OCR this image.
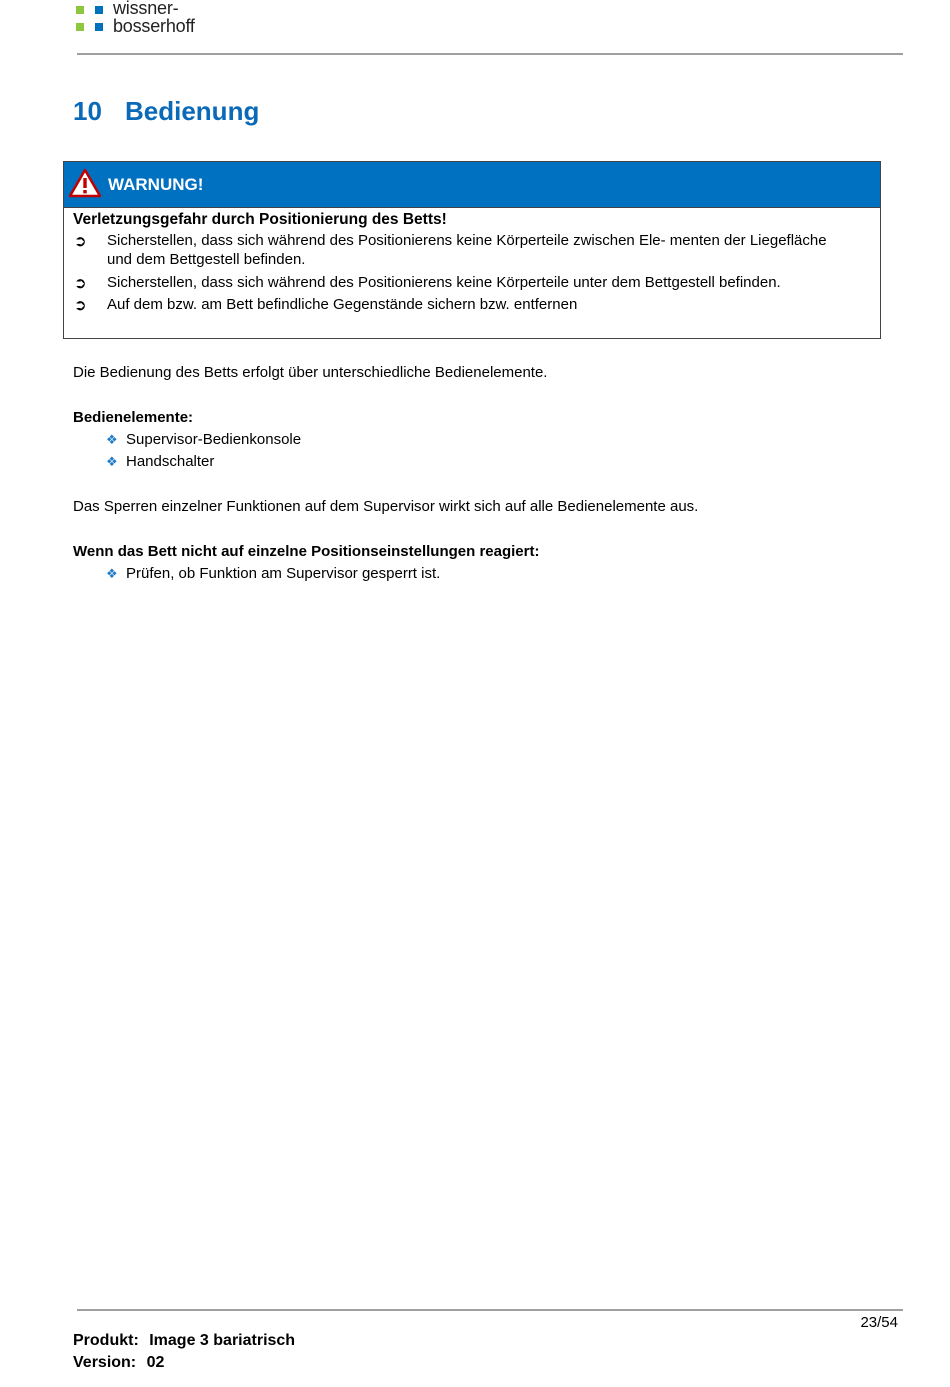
wissner-
bosserhoff
10 Bedienung
WARNUNG!
Verletzungsgefahr durch Positionierung des Betts!
➲ Sicherstellen, dass sich während des Positionierens keine Körperteile zwischen Ele- menten der Liegefläche
und dem Bettgestell befinden.
➲ Sicherstellen, dass sich während des Positionierens keine Körperteile unter dem Bettgestell befinden.
➲ Auf dem bzw. am Bett befindliche Gegenstände sichern bzw. entfernen
Die Bedienung des Betts erfolgt über unterschiedliche Bedienelemente.
Bedienelemente:
❖ Supervisor-Bedienkonsole
❖ Handschalter
Das Sperren einzelner Funktionen auf dem Supervisor wirkt sich auf alle Bedienelemente aus.
Wenn das Bett nicht auf einzelne Positionseinstellungen reagiert:
❖ Prüfen, ob Funktion am Supervisor gesperrt ist.
23/54
Produkt: Image 3 bariatrisch
Version: 02
